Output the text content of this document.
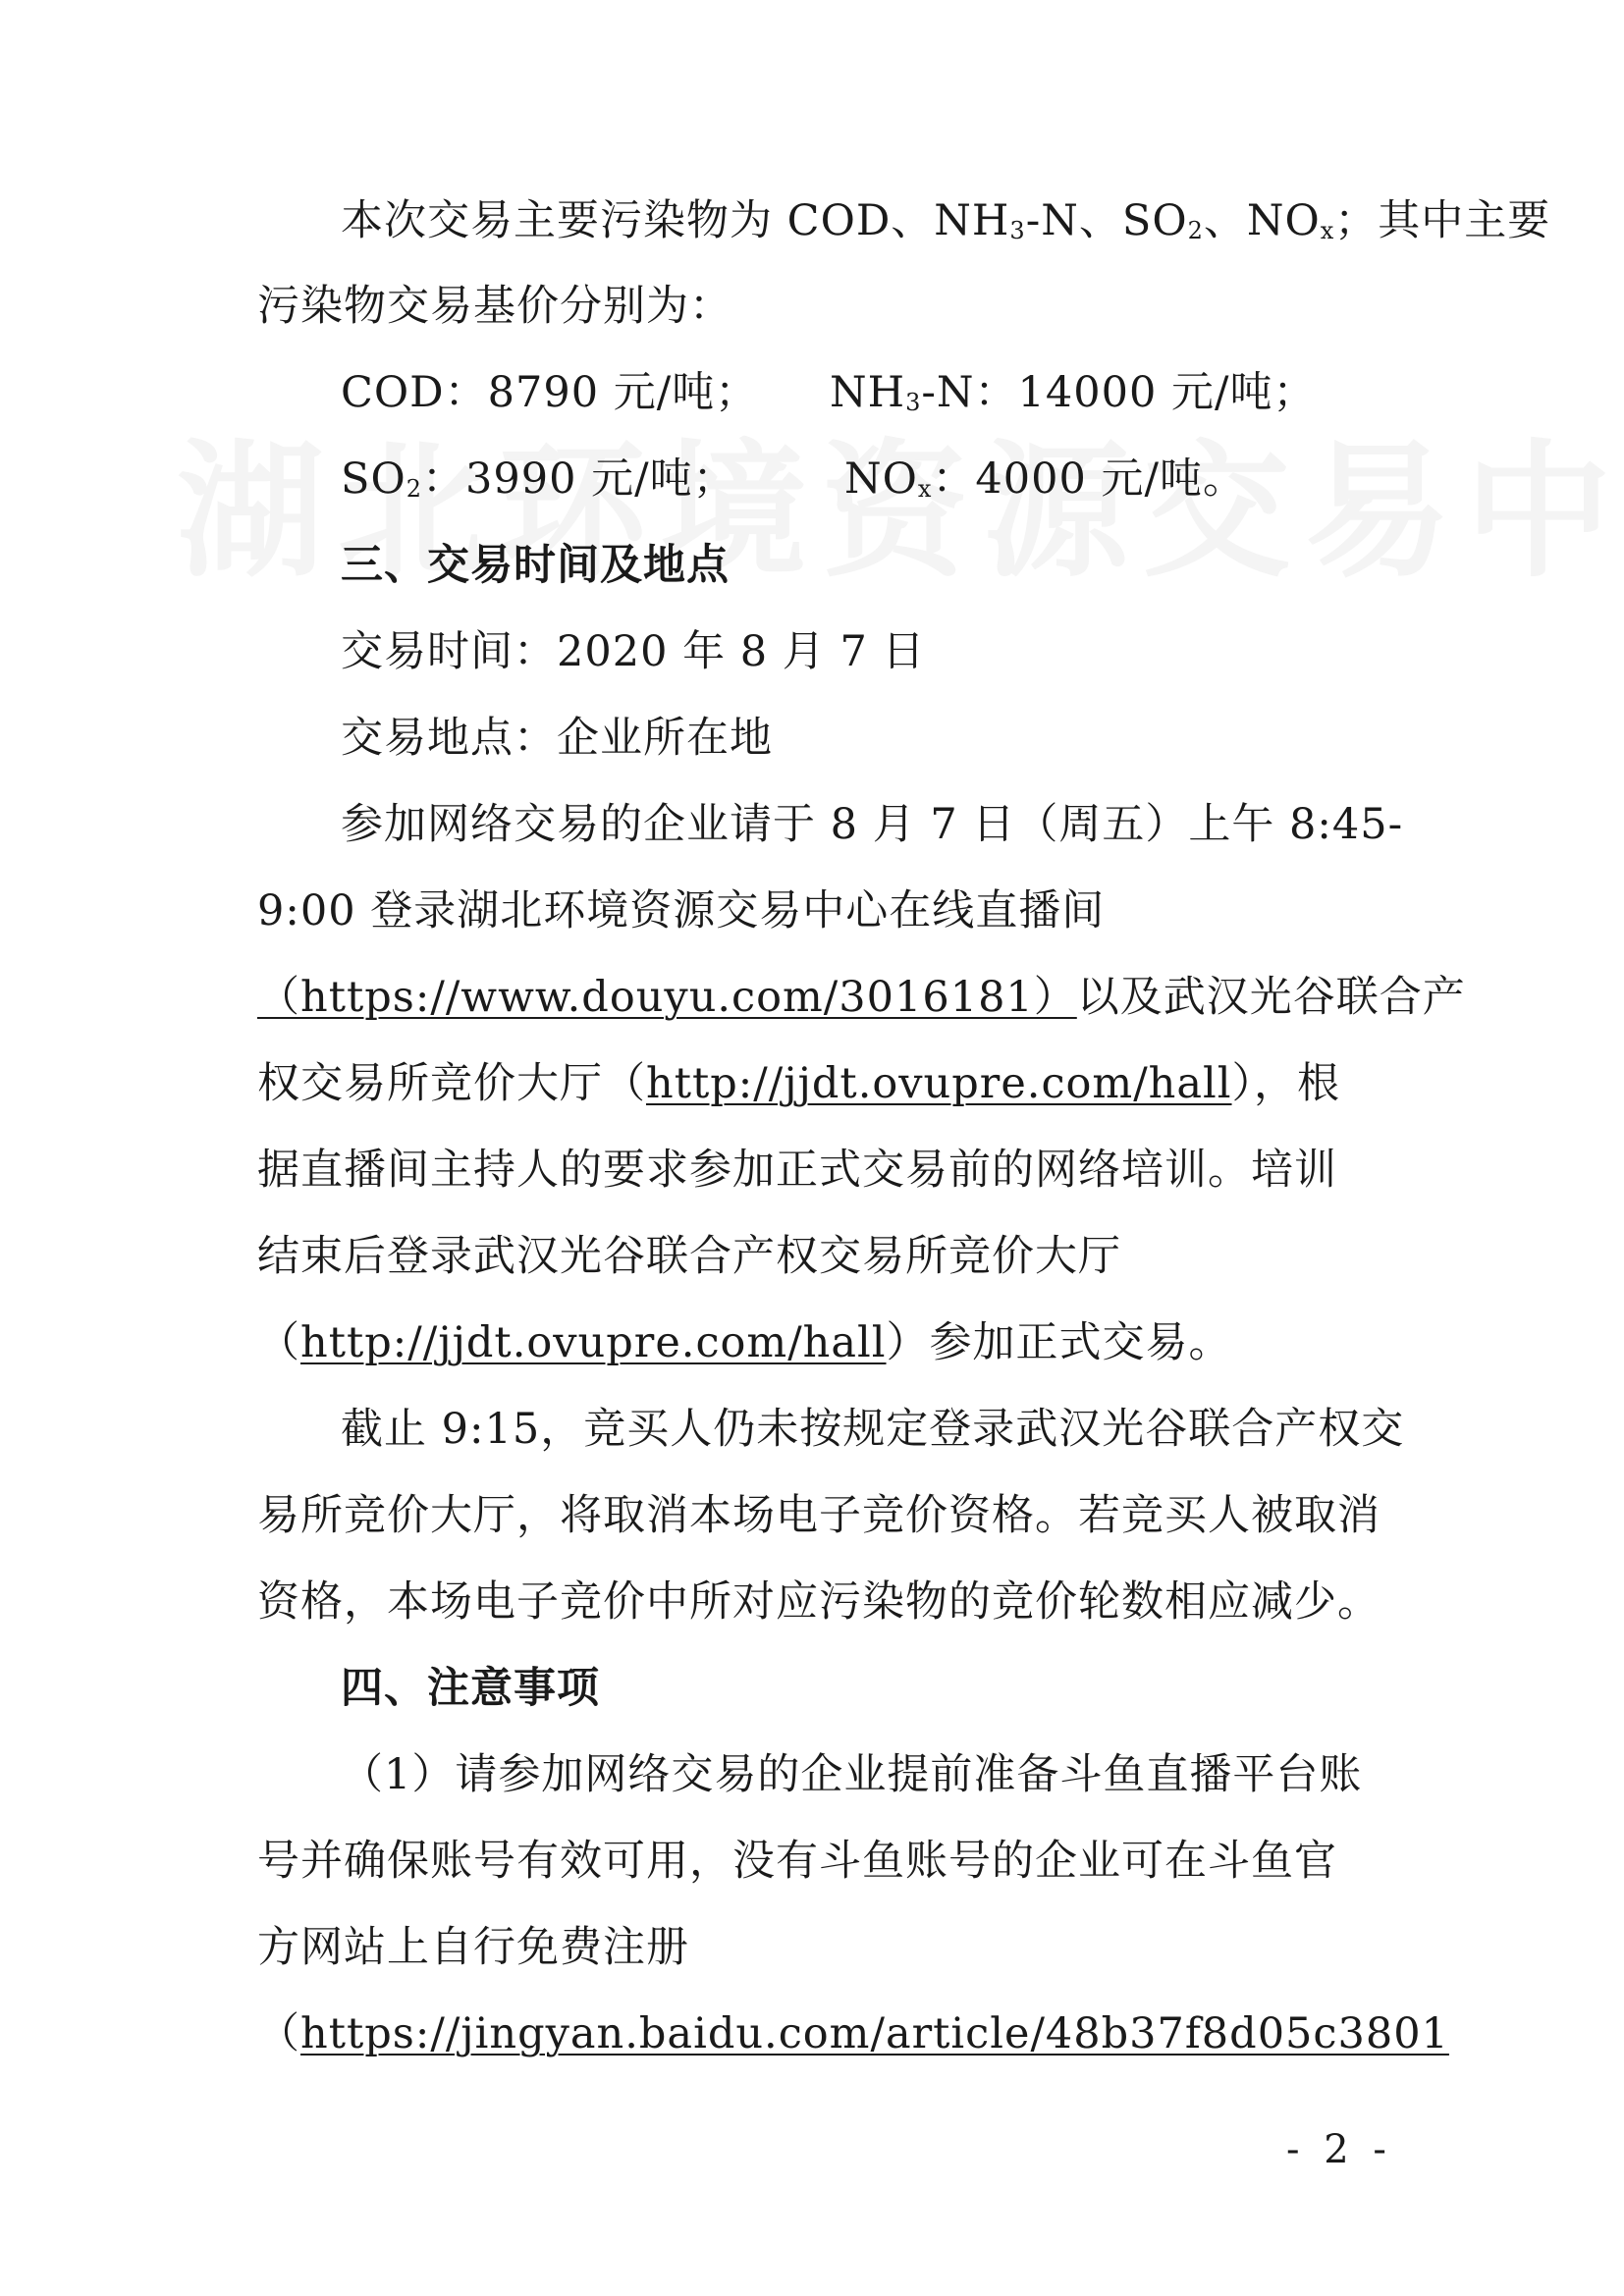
本次交易主要污染物为 COD、$NH_3-N$、$SO_2$、$NO_x$；其中主要
污染物交易基价分别为：
COD：8790 元/吨； $NH_3-N$：14000 元/吨；
$SO_2$：3990 元/吨；	$NO_x$：4000 元/吨。
三、交易时间及地点
交易时间：2020 年 8 月 7 日
交易地点：企业所在地
参加网络交易的企业请于 8 月 7 日（周五）上午 8:45-
9:00 登录湖北环境资源交易中心在线直播间
（https://www.douyu.com/3016181）以及武汉光谷联合产
权交易所竞价大厅（http://jjdt.ovupre.com/hall），根
据直播间主持人的要求参加正式交易前的网络培训。培训
结束后登录武汉光谷联合产权交易所竞价大厅
（http://jjdt.ovupre.com/hall）参加正式交易。
截止 9:15，竞买人仍未按规定登录武汉光谷联合产权交
易所竞价大厅，将取消本场电子竞价资格。若竞买人被取消
资格，本场电子竞价中所对应污染物的竞价轮数相应减少。
四、注意事项
（1）请参加网络交易的企业提前准备斗鱼直播平台账
号并确保账号有效可用，没有斗鱼账号的企业可在斗鱼官
方网站上自行免费注册
（https://jingyan.baidu.com/article/48b37f8d05c3801
- 2 -
